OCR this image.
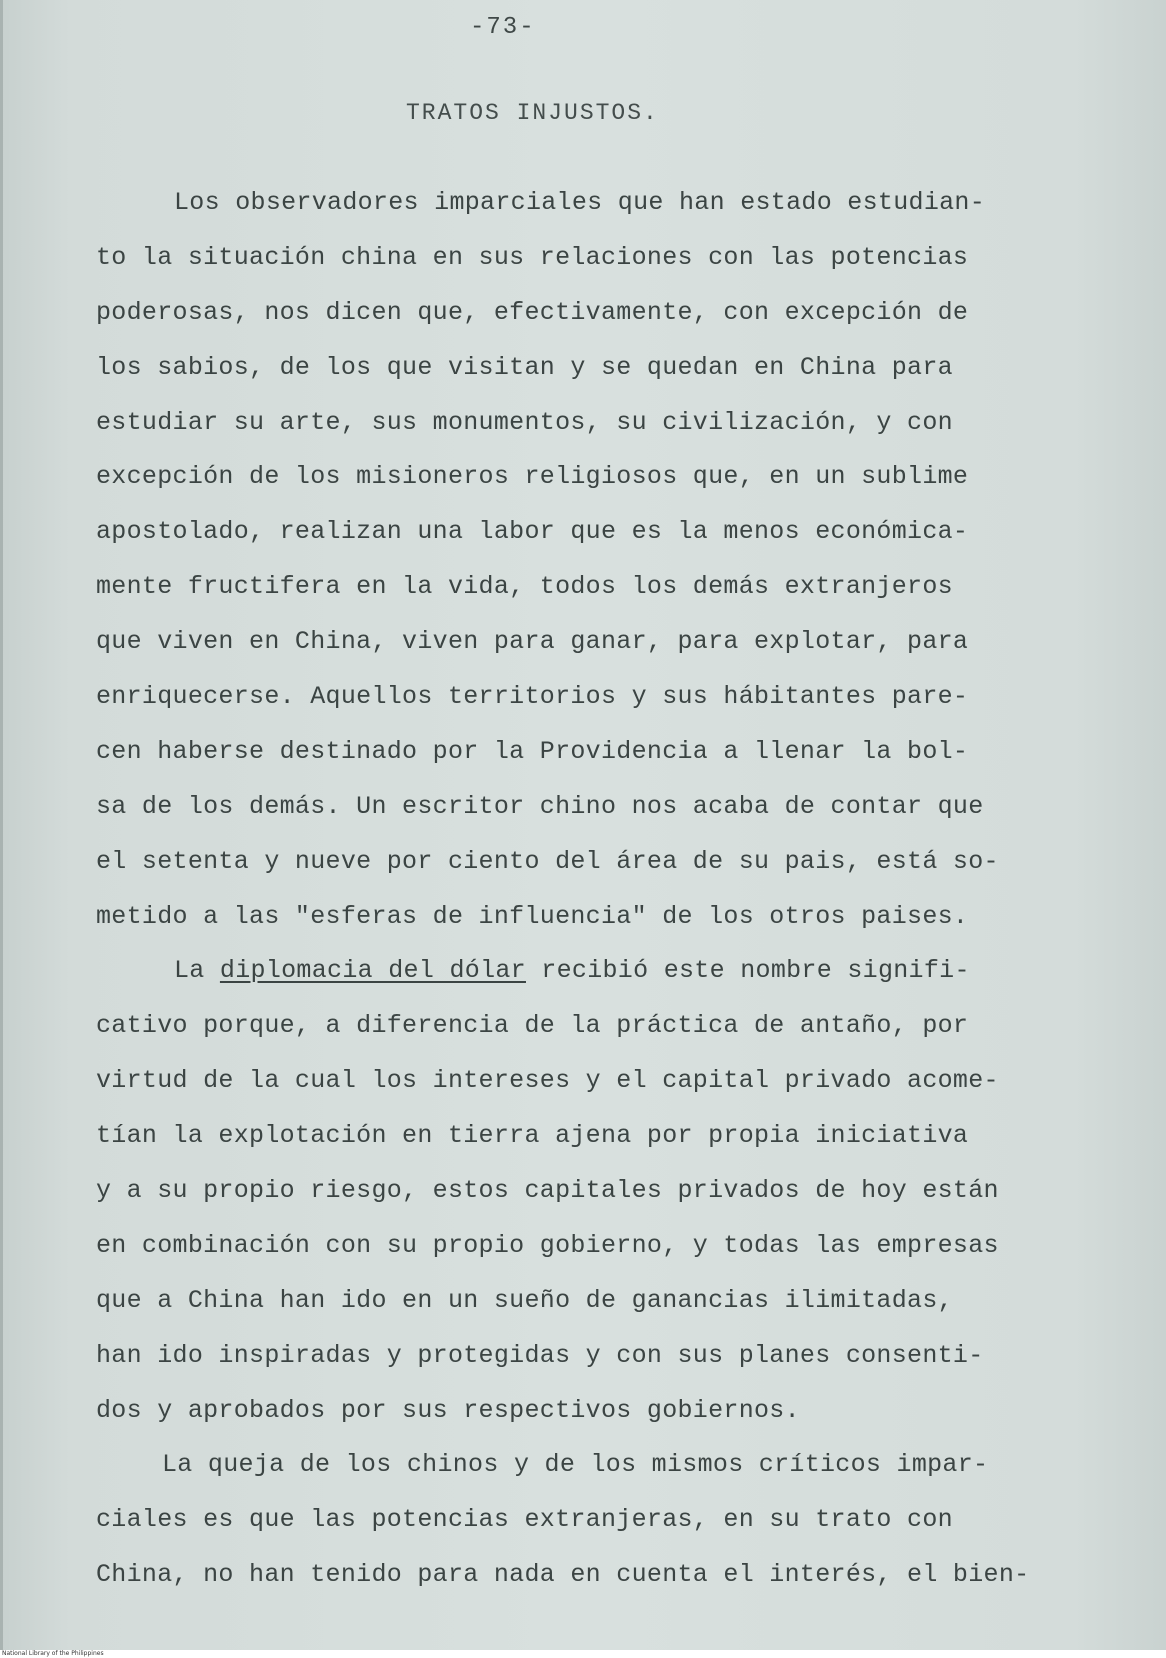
-73-
TRATOS INJUSTOS.
Los observadores imparciales que han estado estudian-
to la situación china en sus relaciones con las potencias
poderosas, nos dicen que, efectivamente, con excepción de
los sabios, de los que visitan y se quedan en China para
estudiar su arte, sus monumentos, su civilización, y con
excepción de los misioneros religiosos que, en un sublime
apostolado, realizan una labor que es la menos económica-
mente fructifera en la vida, todos los demás extranjeros
que viven en China, viven para ganar, para explotar, para
enriquecerse. Aquellos territorios y sus hábitantes pare-
cen haberse destinado por la Providencia a llenar la bol-
sa de los demás. Un escritor chino nos acaba de contar que
el setenta y nueve por ciento del área de su pais, está so-
metido a las "esferas de influencia" de los otros paises.
La diplomacia del dólar recibió este nombre signifi-
cativo porque, a diferencia de la práctica de antaño, por
virtud de la cual los intereses y el capital privado acome-
tían la explotación en tierra ajena por propia iniciativa
y a su propio riesgo, estos capitales privados de hoy están
en combinación con su propio gobierno, y todas las empresas
que a China han ido en un sueño de ganancias ilimitadas,
han ido inspiradas y protegidas y con sus planes consenti-
dos y aprobados por sus respectivos gobiernos.
La queja de los chinos y de los mismos críticos impar-
ciales es que las potencias extranjeras, en su trato con
China, no han tenido para nada en cuenta el interés, el bien-
National Library of the Philippines
